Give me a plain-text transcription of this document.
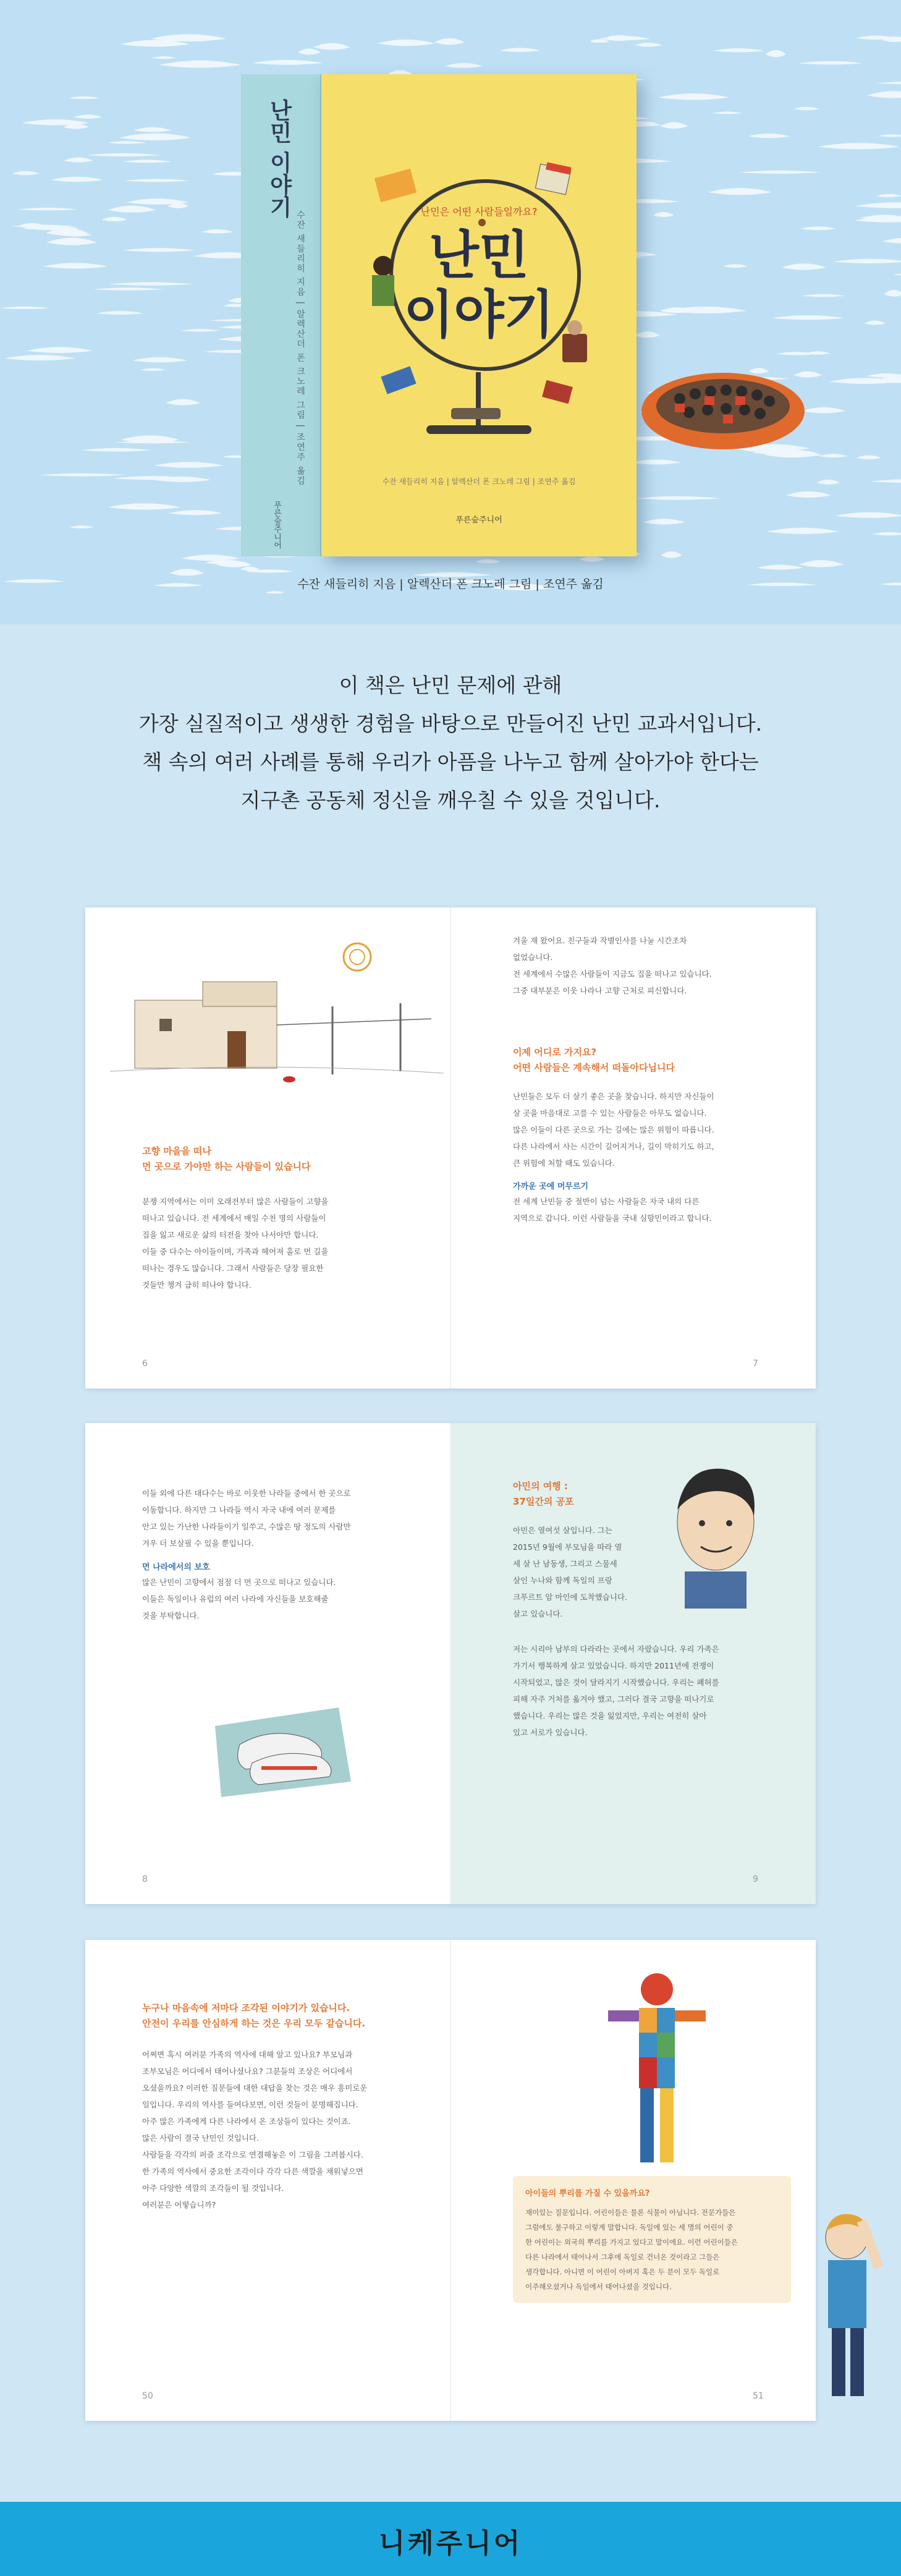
난민 이야기
수잔 새들리히 지음 | 알렉산더 폰 크노레 그림 | 조연주 옮김
푸른숲주니어
난민은 어떤 사람들일까요?
난민
이야기
수잔 새들리히 지음 | 알렉산더 폰 크노레 그림 | 조연주 옮김
푸른숲주니어
수잔 새들리히 지음 | 알렉산더 폰 크노레 그림 | 조연주 옮김
이 책은 난민 문제에 관해
가장 실질적이고 생생한 경험을 바탕으로 만들어진 난민 교과서입니다.
책 속의 여러 사례를 통해 우리가 아픔을 나누고 함께 살아가야 한다는
지구촌 공동체 정신을 깨우칠 수 있을 것입니다.
고향 마을을 떠나
먼 곳으로 가야만 하는 사람들이 있습니다
분쟁 지역에서는 이미 오래전부터 많은 사람들이 고향을
떠나고 있습니다. 전 세계에서 매일 수천 명의 사람들이
집을 잃고 새로운 삶의 터전을 찾아 나서야만 합니다.
이들 중 다수는 아이들이며, 가족과 헤어져 홀로 먼 길을
떠나는 경우도 많습니다. 그래서 사람들은 당장 필요한
것들만 챙겨 급히 떠나야 합니다.
6
겨울 재 왔어요. 친구들과 작별인사를 나눌 시간조차
없었습니다.
전 세계에서 수많은 사람들이 지금도 집을 떠나고 있습니다.
그중 대부분은 이웃 나라나 고향 근처로 피신합니다.
이제 어디로 가지요?
어떤 사람들은 계속해서 떠돌아다닙니다
난민들은 모두 더 살기 좋은 곳을 찾습니다. 하지만 자신들이
살 곳을 마음대로 고를 수 있는 사람들은 아무도 없습니다.
많은 이들이 다른 곳으로 가는 길에는 많은 위험이 따릅니다.
다른 나라에서 사는 시간이 길어지거나, 길이 막히기도 하고,
큰 위험에 처할 때도 있습니다.
가까운 곳에 머무르기
전 세계 난민들 중 절반이 넘는 사람들은 자국 내의 다른
지역으로 갑니다. 이런 사람들을 국내 실향민이라고 합니다.
7
이들 외에 다른 대다수는 바로 이웃한 나라들 중에서 한 곳으로
이동합니다. 하지만 그 나라들 역시 자국 내에 여러 문제를
안고 있는 가난한 나라들이기 일쑤고, 수많은 땅 정도의 사람만
겨우 더 보살필 수 있을 뿐입니다.
먼 나라에서의 보호
많은 난민이 고향에서 점점 더 먼 곳으로 떠나고 있습니다.
이들은 독일이나 유럽의 여러 나라에 자신들을 보호해줄
것을 부탁합니다.
8
아민의 여행 :
37일간의 공포
아민은 열여섯 살입니다. 그는
2015년 9월에 부모님을 따라 열
세 살 난 남동생, 그리고 스물세
살인 누나와 함께 독일의 프랑
크푸르트 암 마인에 도착했습니다.
살고 있습니다.
저는 시리아 남부의 다라라는 곳에서 자랐습니다. 우리 가족은
가기서 행복하게 살고 있었습니다. 하지만 2011년에 전쟁이
시작되었고, 많은 것이 달라지기 시작했습니다. 우리는 폐허를
피해 자주 거처를 옮겨야 했고, 그러다 결국 고향을 떠나기로
했습니다. 우리는 많은 것을 잃었지만, 우리는 여전히 살아
있고 서로가 있습니다.
9
누구나 마음속에 저마다 조각된 이야기가 있습니다.
안전이 우리를 안심하게 하는 것은 우리 모두 같습니다.
어쩌면 혹시 여러분 가족의 역사에 대해 알고 있나요? 부모님과
조부모님은 어디에서 태어나셨나요? 그분들의 조상은 어디에서
오셨을까요? 이러한 질문들에 대한 대답을 찾는 것은 매우 흥미로운
일입니다. 우리의 역사를 들여다보면, 이런 것들이 분명해집니다.
아주 많은 가족에게 다른 나라에서 온 조상들이 있다는 것이죠.
많은 사람이 결국 난민인 것입니다.
사람들을 각각의 퍼즐 조각으로 연결해놓은 이 그림을 그려봅시다.
한 가족의 역사에서 중요한 조각이다 각각 다른 색깔을 채워넣으면
아주 다양한 색깔의 조각들이 될 것입니다.
여러분은 어떻습니까?
50
아이들의 뿌리를 가질 수 있을까요?
재미있는 질문입니다. 어린이들은 물론 식물이 아닙니다. 전문가들은
그럼에도 불구하고 이렇게 말합니다. 독일에 있는 세 명의 어린이 중
한 어린이는 외국의 뿌리를 가지고 있다고 말이에요. 이런 어린이들은
다른 나라에서 태어나서 그후에 독일로 건너온 것이라고 그들은
생각합니다. 아니면 이 어린이 아버지 혹은 두 분이 모두 독일로
이주해오셨거나 독일에서 태어나셨을 것입니다.
51
니케주니어
